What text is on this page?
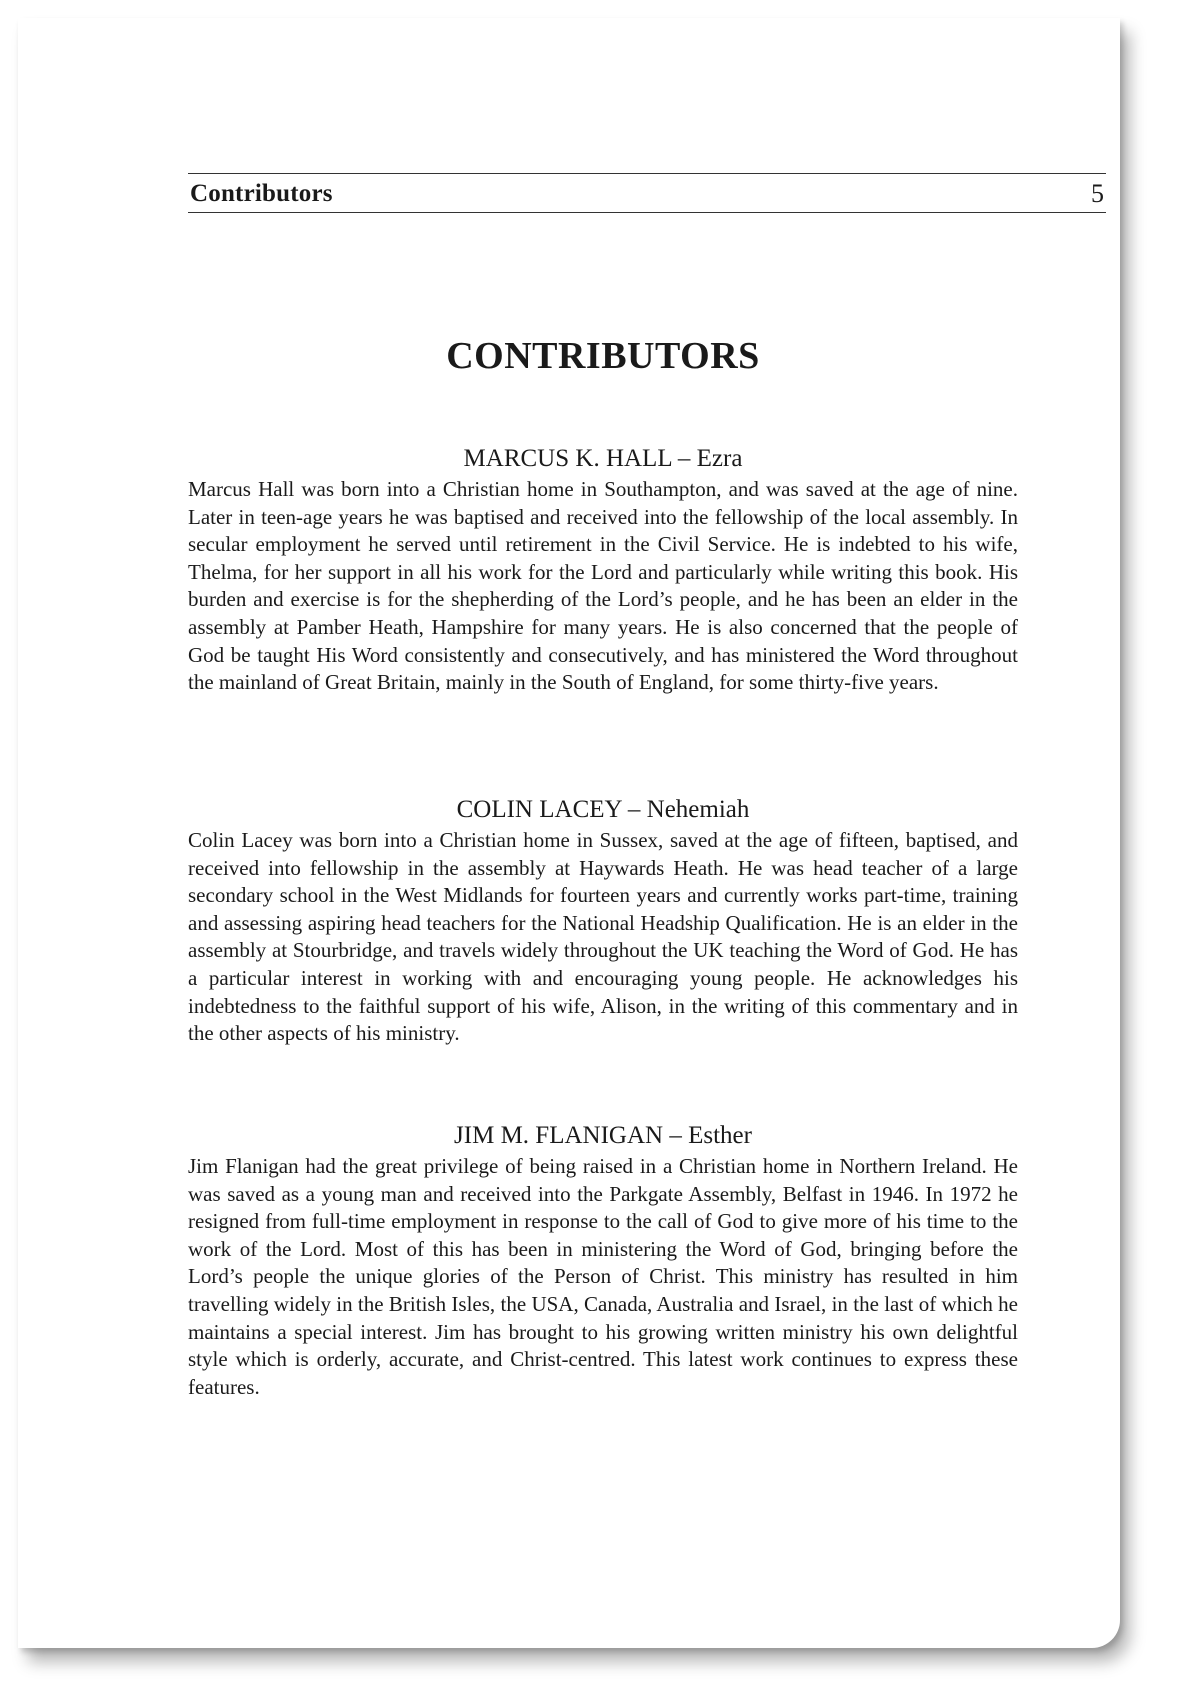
Contributors	5
CONTRIBUTORS

MARCUS K. HALL – Ezra

Marcus Hall was born into a Christian home in Southampton, and was saved at the age of nine. Later in teen-age years he was baptised and received into the fellowship of the local assembly. In secular employment he served until retirement in the Civil Service. He is indebted to his wife, Thelma, for her support in all his work for the Lord and particularly while writing this book. His burden and exercise is for the shepherding of the Lord’s people, and he has been an elder in the assembly at Pamber Heath, Hampshire for many years. He is also concerned that the people of God be taught His Word consistently and consecutively, and has ministered the Word throughout the mainland of Great Britain, mainly in the South of England, for some thirty-five years.

COLIN LACEY – Nehemiah

Colin Lacey was born into a Christian home in Sussex, saved at the age of fifteen, baptised, and received into fellowship in the assembly at Haywards Heath. He was head teacher of a large secondary school in the West Midlands for fourteen years and currently works part-time, training and assessing aspiring head teachers for the National Headship Qualification. He is an elder in the assembly at Stourbridge, and travels widely throughout the UK teaching the Word of God. He has a particular interest in working with and encouraging young people. He acknowledges his indebtedness to the faithful support of his wife, Alison, in the writing of this commentary and in the other aspects of his ministry.

JIM M. FLANIGAN – Esther

Jim Flanigan had the great privilege of being raised in a Christian home in Northern Ireland. He was saved as a young man and received into the Parkgate Assembly, Belfast in 1946. In 1972 he resigned from full-time employment in response to the call of God to give more of his time to the work of the Lord. Most of this has been in ministering the Word of God, bringing before the Lord’s people the unique glories of the Person of Christ. This ministry has resulted in him travelling widely in the British Isles, the USA, Canada, Australia and Israel, in the last of which he maintains a special interest. Jim has brought to his growing written ministry his own delightful style which is orderly, accurate, and Christ-centred. This latest work continues to express these features.
